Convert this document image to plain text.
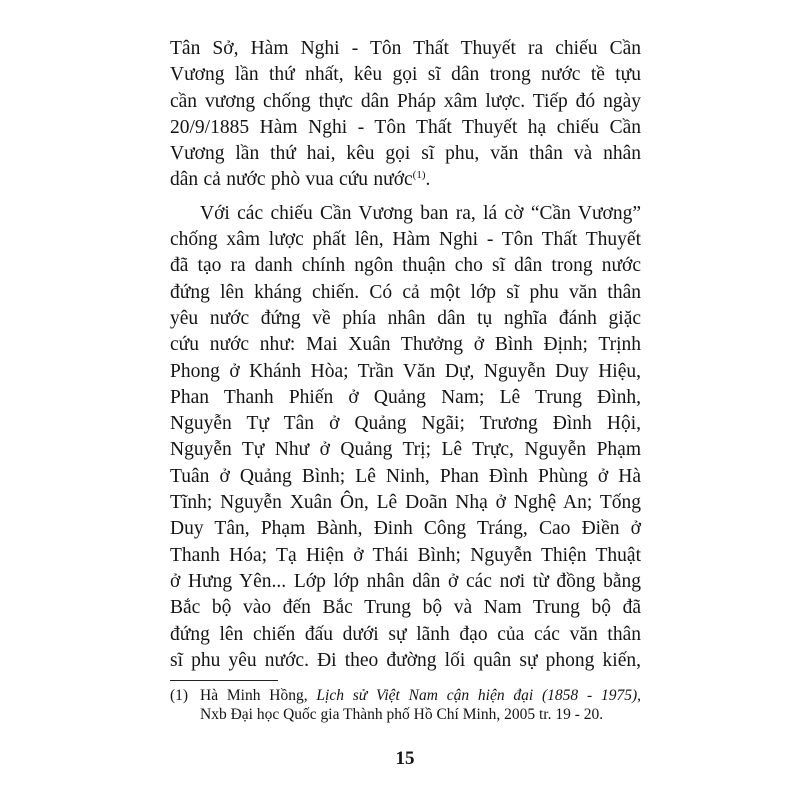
Tân Sở, Hàm Nghi - Tôn Thất Thuyết ra chiếu Cần
Vương lần thứ nhất, kêu gọi sĩ dân trong nước tề tựu
cần vương chống thực dân Pháp xâm lược. Tiếp đó ngày
20/9/1885 Hàm Nghi - Tôn Thất Thuyết hạ chiếu Cần
Vương lần thứ hai, kêu gọi sĩ phu, văn thân và nhân
dân cả nước phò vua cứu nước$^{(1)}$.

Với các chiếu Cần Vương ban ra, lá cờ “Cần Vương”
chống xâm lược phất lên, Hàm Nghi - Tôn Thất Thuyết
đã tạo ra danh chính ngôn thuận cho sĩ dân trong nước
đứng lên kháng chiến. Có cả một lớp sĩ phu văn thân
yêu nước đứng về phía nhân dân tụ nghĩa đánh giặc
cứu nước như: Mai Xuân Thưởng ở Bình Định; Trịnh
Phong ở Khánh Hòa; Trần Văn Dự, Nguyễn Duy Hiệu,
Phan Thanh Phiến ở Quảng Nam; Lê Trung Đình,
Nguyễn Tự Tân ở Quảng Ngãi; Trương Đình Hội,
Nguyễn Tự Như ở Quảng Trị; Lê Trực, Nguyễn Phạm
Tuân ở Quảng Bình; Lê Ninh, Phan Đình Phùng ở Hà
Tĩnh; Nguyễn Xuân Ôn, Lê Doãn Nhạ ở Nghệ An; Tống
Duy Tân, Phạm Bành, Đinh Công Tráng, Cao Điền ở
Thanh Hóa; Tạ Hiện ở Thái Bình; Nguyễn Thiện Thuật
ở Hưng Yên... Lớp lớp nhân dân ở các nơi từ đồng bằng
Bắc bộ vào đến Bắc Trung bộ và Nam Trung bộ đã
đứng lên chiến đấu dưới sự lãnh đạo của các văn thân
sĩ phu yêu nước. Đi theo đường lối quân sự phong kiến,

(1) Hà Minh Hồng, Lịch sử Việt Nam cận hiện đại (1858 - 1975),
Nxb Đại học Quốc gia Thành phố Hồ Chí Minh, 2005 tr. 19 - 20.
15
